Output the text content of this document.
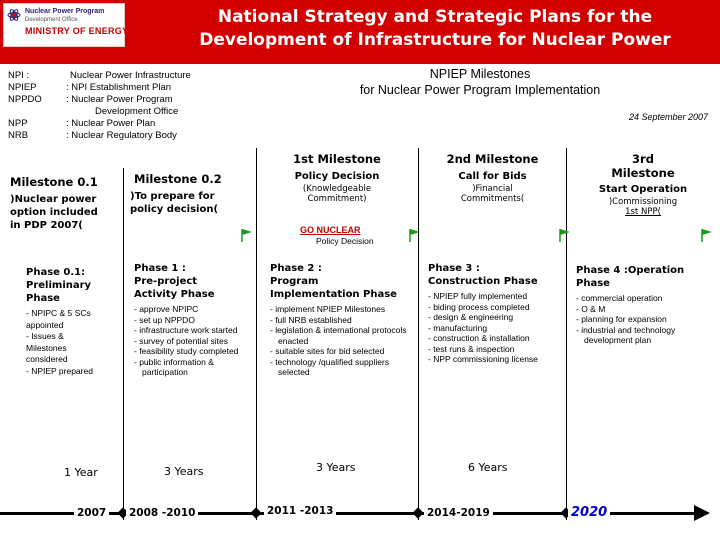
Nuclear Power Program
Development Office
MINISTRY OF ENERGY
National Strategy and Strategic Plans for the
Development of Infrastructure for Nuclear Power
NPI :	Nuclear Power Infrastructure
NPIEP	: NPI Establishment Plan
NPPDO	: Nuclear Power Program
Development Office
NPP	: Nuclear Power Plan
NRB	: Nuclear Regulatory Body
NPIEP Milestones
for Nuclear Power Program Implementation
24 September 2007
Milestone 0.1
)Nuclear power
option included
in PDP 2007(
Milestone 0.2
)To prepare for
policy decision(
1st Milestone
Policy Decision
(Knowledgeable
Commitment)
2nd Milestone
Call for Bids
)Financial
Commitments(
3rd
Milestone
Start Operation
)Commissioning
1st NPP(
GO NUCLEAR
Policy Decision
Phase 0.1:
Preliminary
Phase
- NPIPC & 5 SCs
appointed
- Issues &
Milestones
considered
- NPIEP prepared
Phase 1 :
Pre-project
Activity Phase
- approve NPIPC
- set up NPPDO
- infrastructure work started
- survey of potential sites
- feasibility study completed
- public information & participation
Phase 2 :
Program
Implementation Phase
- implement NPIEP Milestones
- full NRB established
- legislation & international protocols enacted
- suitable sites for bid selected
- technology /qualified suppliers selected
Phase 3 :
Construction Phase
- NPIEP fully implemented
- biding process completed
- design & engineering
- manufacturing
- construction & installation
- test runs & inspection
- NPP commissioning license
Phase 4 :Operation
Phase
- commercial operation
- O & M
- planning for expansion
- industrial and technology development plan
1 Year	3 Years	3 Years	6 Years
2007 2008 -2010	2011 -2013	2014-2019	2020
